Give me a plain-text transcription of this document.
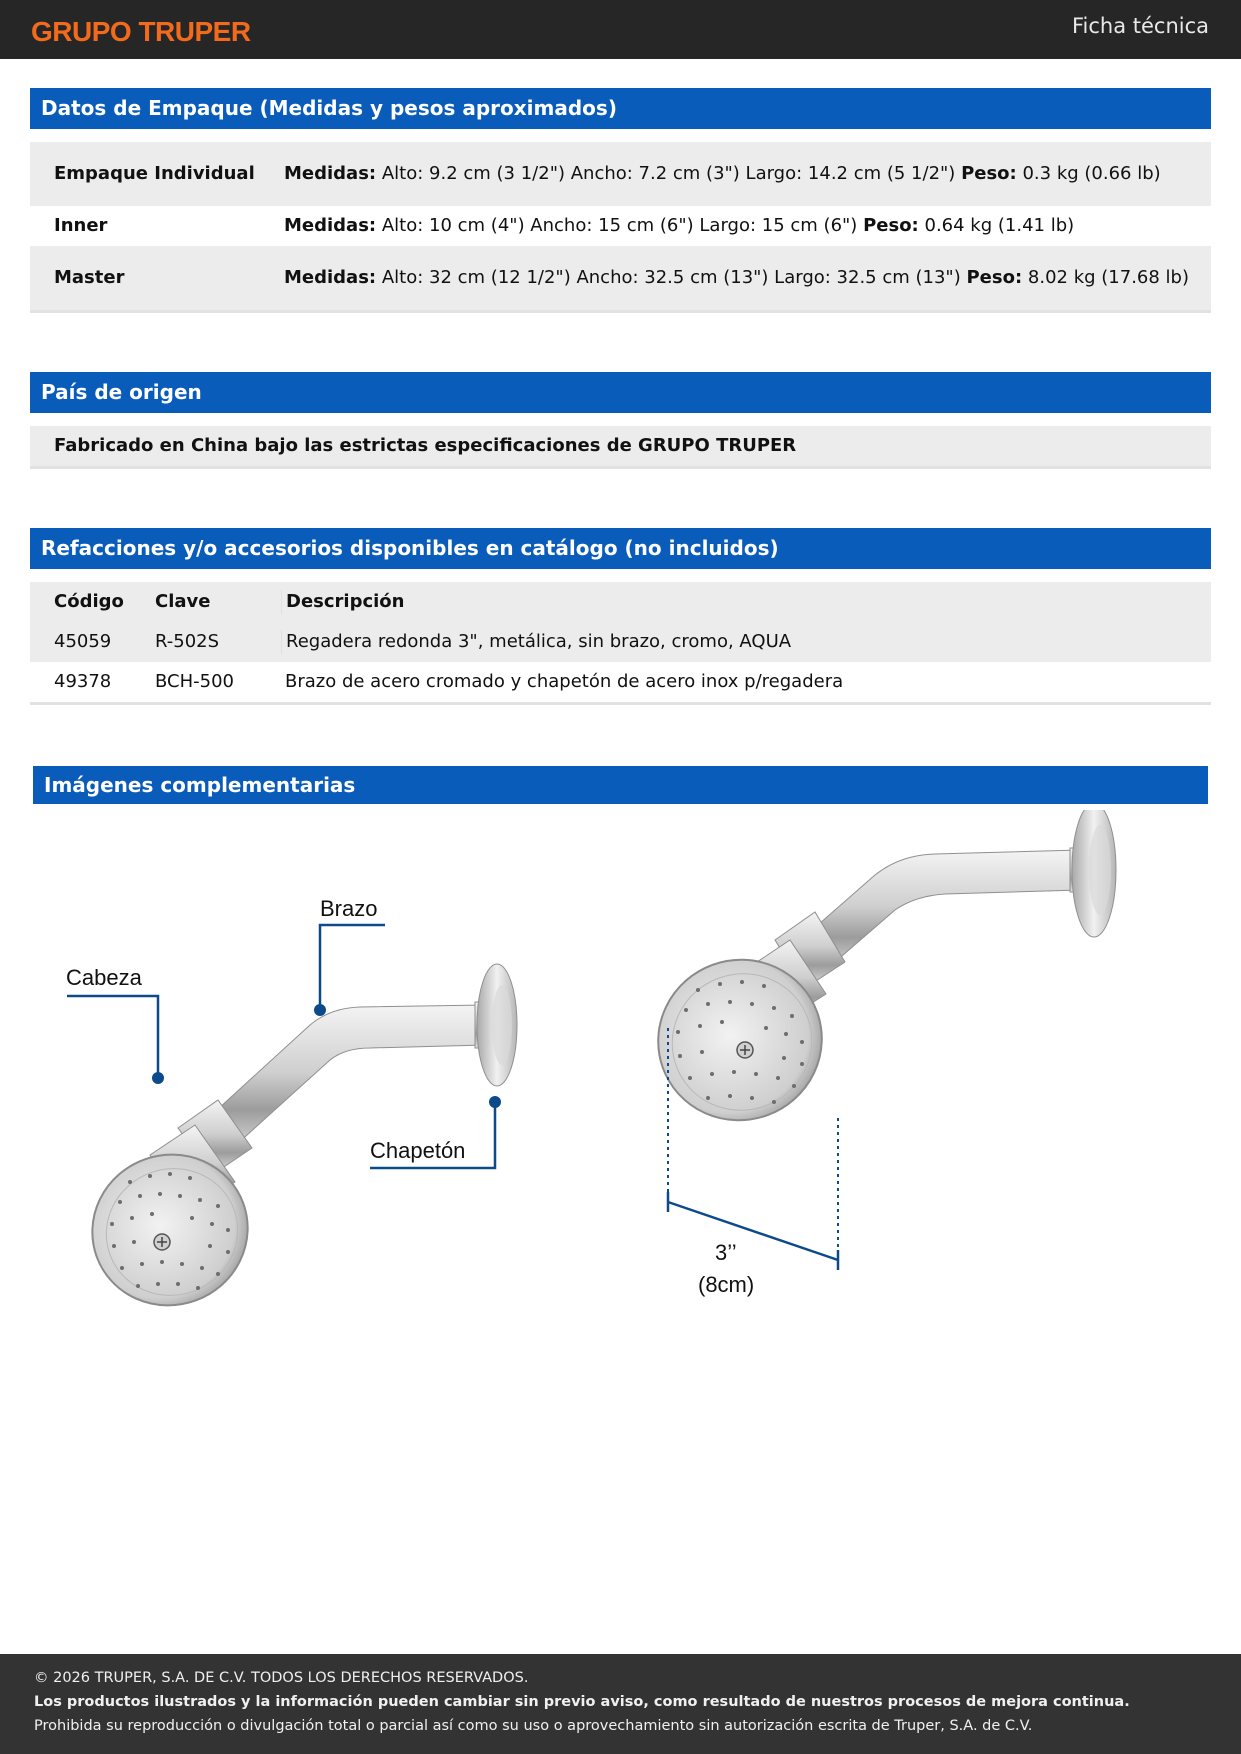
GRUPO TRUPER	Ficha técnica
Datos de Empaque (Medidas y pesos aproximados)
Empaque Individual	Medidas: Alto: 9.2 cm (3 1/2") Ancho: 7.2 cm (3") Largo: 14.2 cm (5 1/2") Peso: 0.3 kg (0.66 lb)
Inner	Medidas: Alto: 10 cm (4") Ancho: 15 cm (6") Largo: 15 cm (6") Peso: 0.64 kg (1.41 lb)
Master	Medidas: Alto: 32 cm (12 1/2") Ancho: 32.5 cm (13") Largo: 32.5 cm (13") Peso: 8.02 kg (17.68 lb)
País de origen
Fabricado en China bajo las estrictas especificaciones de GRUPO TRUPER
Refacciones y/o accesorios disponibles en catálogo (no incluidos)
Código	Clave	Descripción
45059	R-502S	Regadera redonda 3", metálica, sin brazo, cromo, AQUA
49378	BCH-500	Brazo de acero cromado y chapetón de acero inox p/regadera
Imágenes complementarias
Brazo
Cabeza
Chapetón
3’’
(8cm)
© 2026 TRUPER, S.A. DE C.V. TODOS LOS DERECHOS RESERVADOS.
Los productos ilustrados y la información pueden cambiar sin previo aviso, como resultado de nuestros procesos de mejora continua.
Prohibida su reproducción o divulgación total o parcial así como su uso o aprovechamiento sin autorización escrita de Truper, S.A. de C.V.
